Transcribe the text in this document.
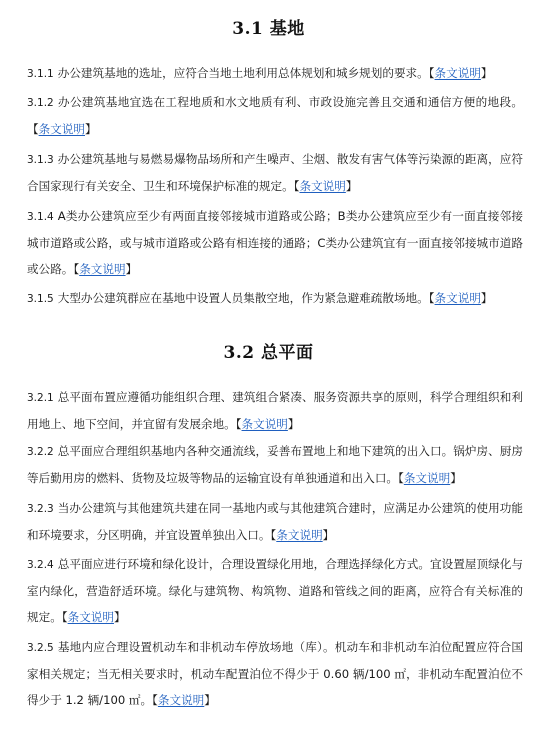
3.1 基地
3.1.1 办公建筑基地的选址，应符合当地土地利用总体规划和城乡规划的要求。【条文说明】
3.1.2 办公建筑基地宜选在工程地质和水文地质有利、市政设施完善且交通和通信方便的地段。【条文说明】
3.1.3 办公建筑基地与易燃易爆物品场所和产生噪声、尘烟、散发有害气体等污染源的距离，应符合国家现行有关安全、卫生和环境保护标准的规定。【条文说明】
3.1.4 A类办公建筑应至少有两面直接邻接城市道路或公路；B类办公建筑应至少有一面直接邻接城市道路或公路，或与城市道路或公路有相连接的通路；C类办公建筑宜有一面直接邻接城市道路或公路。【条文说明】
3.1.5 大型办公建筑群应在基地中设置人员集散空地，作为紧急避难疏散场地。【条文说明】
3.2 总平面
3.2.1 总平面布置应遵循功能组织合理、建筑组合紧凑、服务资源共享的原则，科学合理组织和利用地上、地下空间，并宜留有发展余地。【条文说明】
3.2.2 总平面应合理组织基地内各种交通流线，妥善布置地上和地下建筑的出入口。锅炉房、厨房等后勤用房的燃料、货物及垃圾等物品的运输宜设有单独通道和出入口。【条文说明】
3.2.3 当办公建筑与其他建筑共建在同一基地内或与其他建筑合建时，应满足办公建筑的使用功能和环境要求，分区明确，并宜设置单独出入口。【条文说明】
3.2.4 总平面应进行环境和绿化设计，合理设置绿化用地，合理选择绿化方式。宜设置屋顶绿化与室内绿化，营造舒适环境。绿化与建筑物、构筑物、道路和管线之间的距离，应符合有关标准的规定。【条文说明】
3.2.5 基地内应合理设置机动车和非机动车停放场地（库）。机动车和非机动车泊位配置应符合国家相关规定；当无相关要求时，机动车配置泊位不得少于 0.60 辆/100 ㎡，非机动车配置泊位不得少于 1.2 辆/100 ㎡。【条文说明】
